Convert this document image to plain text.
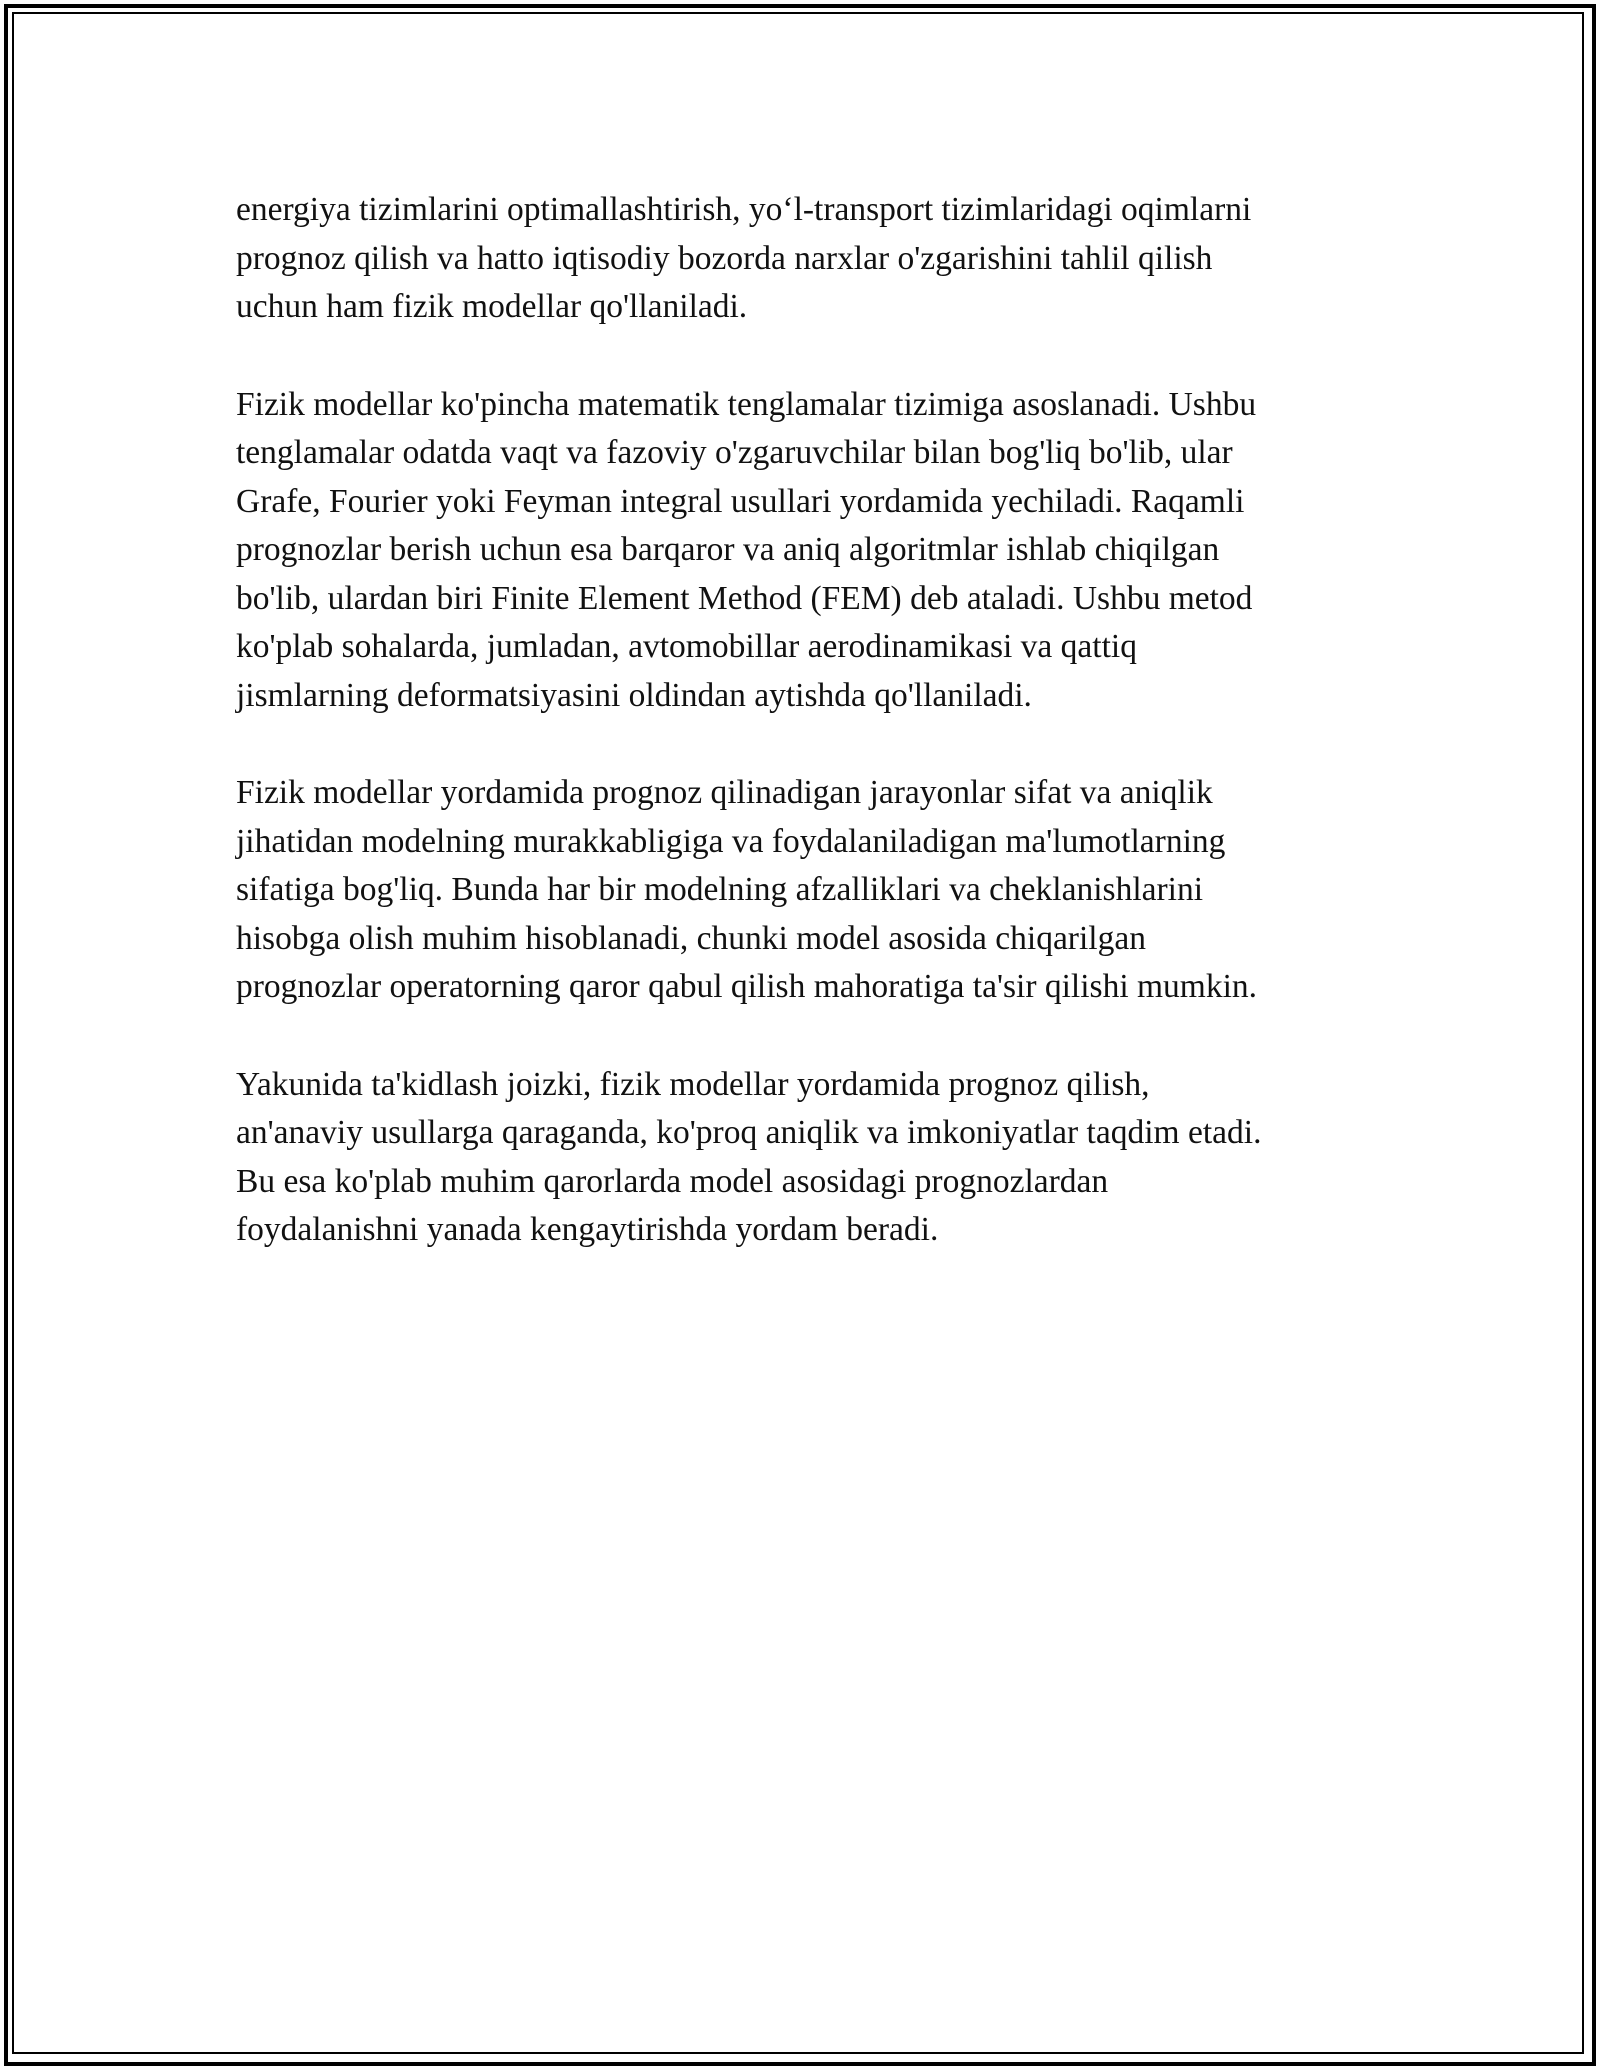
energiya tizimlarini optimallashtirish, yo‘l-transport tizimlaridagi oqimlarni
prognoz qilish va hatto iqtisodiy bozorda narxlar o'zgarishini tahlil qilish
uchun ham fizik modellar qo'llaniladi.

Fizik modellar ko'pincha matematik tenglamalar tizimiga asoslanadi. Ushbu
tenglamalar odatda vaqt va fazoviy o'zgaruvchilar bilan bog'liq bo'lib, ular
Grafe, Fourier yoki Feyman integral usullari yordamida yechiladi. Raqamli
prognozlar berish uchun esa barqaror va aniq algoritmlar ishlab chiqilgan
bo'lib, ulardan biri Finite Element Method (FEM) deb ataladi. Ushbu metod
ko'plab sohalarda, jumladan, avtomobillar aerodinamikasi va qattiq
jismlarning deformatsiyasini oldindan aytishda qo'llaniladi.

Fizik modellar yordamida prognoz qilinadigan jarayonlar sifat va aniqlik
jihatidan modelning murakkabligiga va foydalaniladigan ma'lumotlarning
sifatiga bog'liq. Bunda har bir modelning afzalliklari va cheklanishlarini
hisobga olish muhim hisoblanadi, chunki model asosida chiqarilgan
prognozlar operatorning qaror qabul qilish mahoratiga ta'sir qilishi mumkin.

Yakunida ta'kidlash joizki, fizik modellar yordamida prognoz qilish,
an'anaviy usullarga qaraganda, ko'proq aniqlik va imkoniyatlar taqdim etadi.
Bu esa ko'plab muhim qarorlarda model asosidagi prognozlardan
foydalanishni yanada kengaytirishda yordam beradi.
